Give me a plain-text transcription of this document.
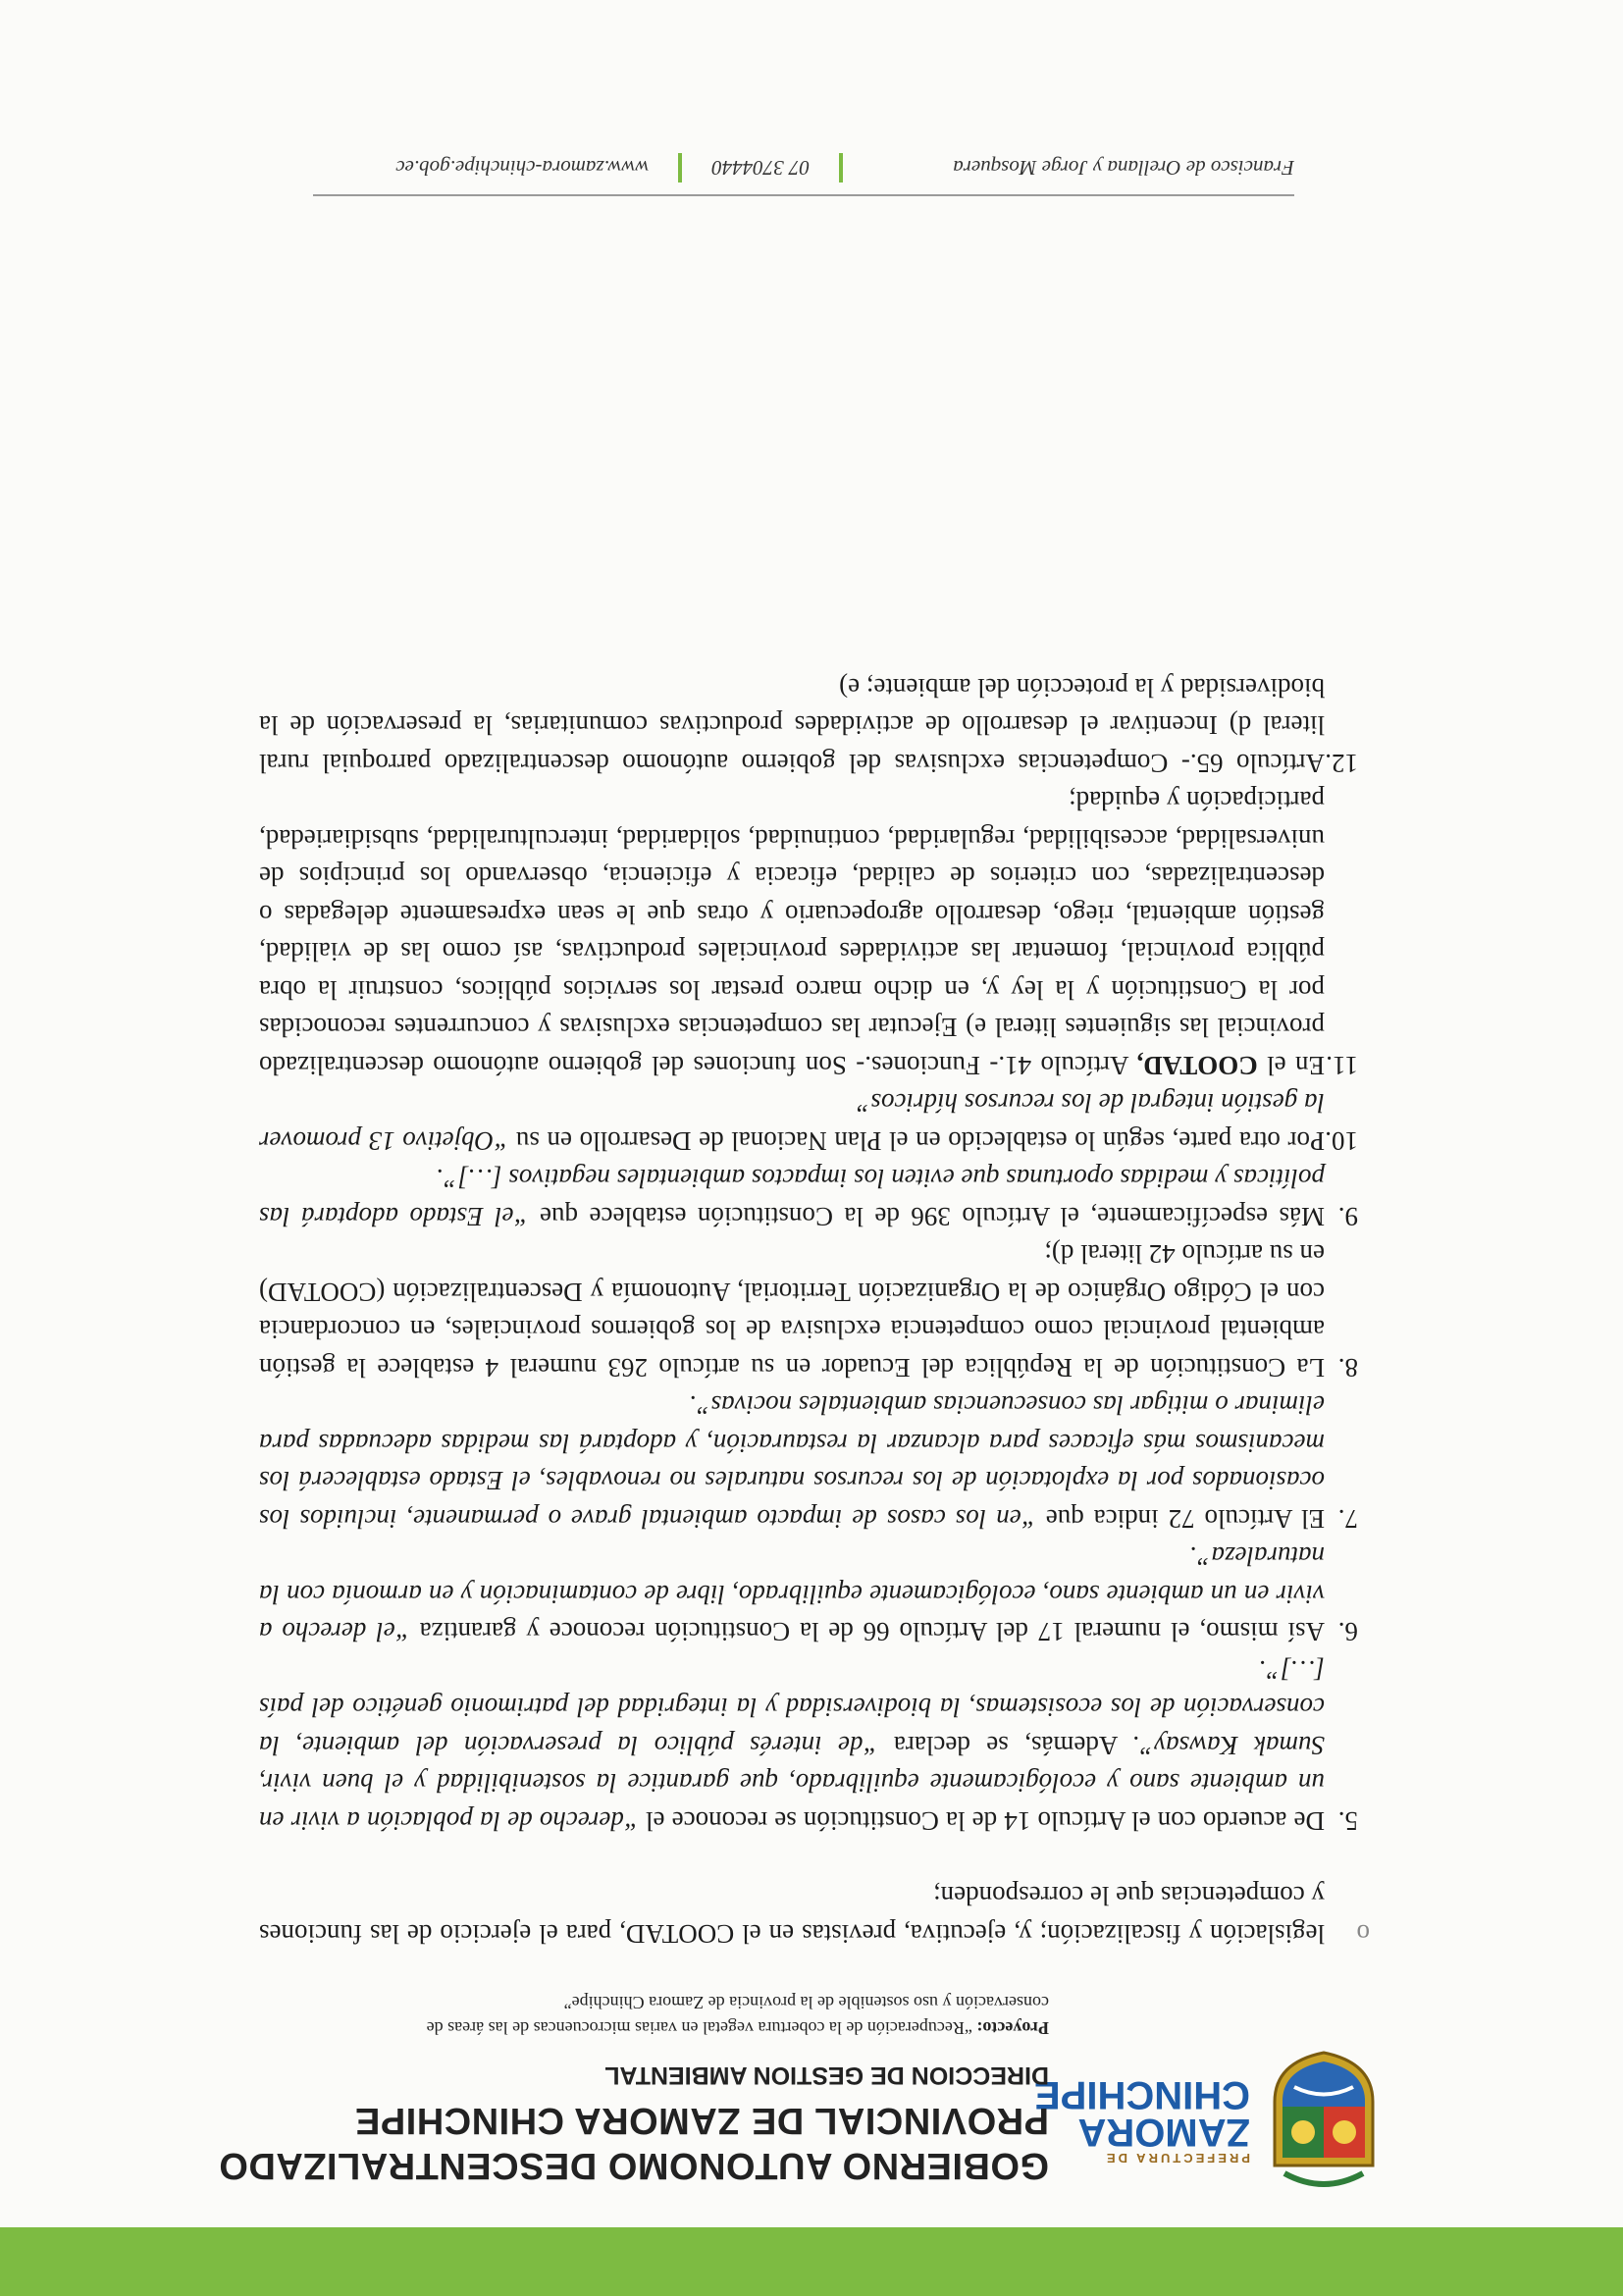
PREFECTURA DE
ZAMORA
CHINCHIPE
GOBIERNO AUTONOMO DESCENTRALIZADO
PROVINCIAL DE ZAMORA CHINCHIPE
DIRECCION DE GESTION AMBIENTAL
Proyecto: “Recuperación de la cobertura vegetal en varias microcuencas de las áreas de conservación y uso sostenible de la provincia de Zamora Chinchipe”

o
legislación y fiscalización; y, ejecutiva, previstas en el COOTAD, para el ejercicio de las funciones y competencias que le corresponden;

5.
De acuerdo con el Artículo 14 de la Constitución se reconoce el “derecho de la población a vivir en un ambiente sano y ecológicamente equilibrado, que garantice la sostenibilidad y el buen vivir, Sumak Kawsay”. Además, se declara “de interés público la preservación del ambiente, la conservación de los ecosistemas, la biodiversidad y la integridad del patrimonio genético del país […]”.

6.
Así mismo, el numeral 17 del Artículo 66 de la Constitución reconoce y garantiza “el derecho a vivir en un ambiente sano, ecológicamente equilibrado, libre de contaminación y en armonía con la naturaleza”.

7.
El Artículo 72 indica que “en los casos de impacto ambiental grave o permanente, incluidos los ocasionados por la explotación de los recursos naturales no renovables, el Estado establecerá los mecanismos más eficaces para alcanzar la restauración, y adoptará las medidas adecuadas para eliminar o mitigar las consecuencias ambientales nocivas”.

8.
La Constitución de la República del Ecuador en su artículo 263 numeral 4 establece la gestión ambiental provincial como competencia exclusiva de los gobiernos provinciales, en concordancia con el Código Orgánico de la Organización Territorial, Autonomía y Descentralización (COOTAD) en su artículo 42 literal d);

9.
Más específicamente, el Artículo 396 de la Constitución establece que “el Estado adoptará las políticas y medidas oportunas que eviten los impactos ambientales negativos […]”.

10.
Por otra parte, según lo establecido en el Plan Nacional de Desarrollo en su “Objetivo 13 promover la gestión integral de los recursos hídricos”

11.
En el COOTAD, Artículo 41.- Funciones.- Son funciones del gobierno autónomo descentralizado provincial las siguientes literal e) Ejecutar las competencias exclusivas y concurrentes reconocidas por la Constitución y la ley y, en dicho marco prestar los servicios públicos, construir la obra pública provincial, fomentar las actividades provinciales productivas, así como las de vialidad, gestión ambiental, riego, desarrollo agropecuario y otras que le sean expresamente delegadas o descentralizadas, con criterios de calidad, eficacia y eficiencia, observando los principios de universalidad, accesibilidad, regularidad, continuidad, solidaridad, interculturalidad, subsidiariedad, participación y equidad;

12.
Artículo 65.- Competencias exclusivas del gobierno autónomo descentralizado parroquial rural literal d) Incentivar el desarrollo de actividades productivas comunitarias, la preservación de la biodiversidad y la protección del ambiente; e)

Francisco de Orellana y Jorge Mosquera
07 3704440
www.zamora-chinchipe.gob.ec
